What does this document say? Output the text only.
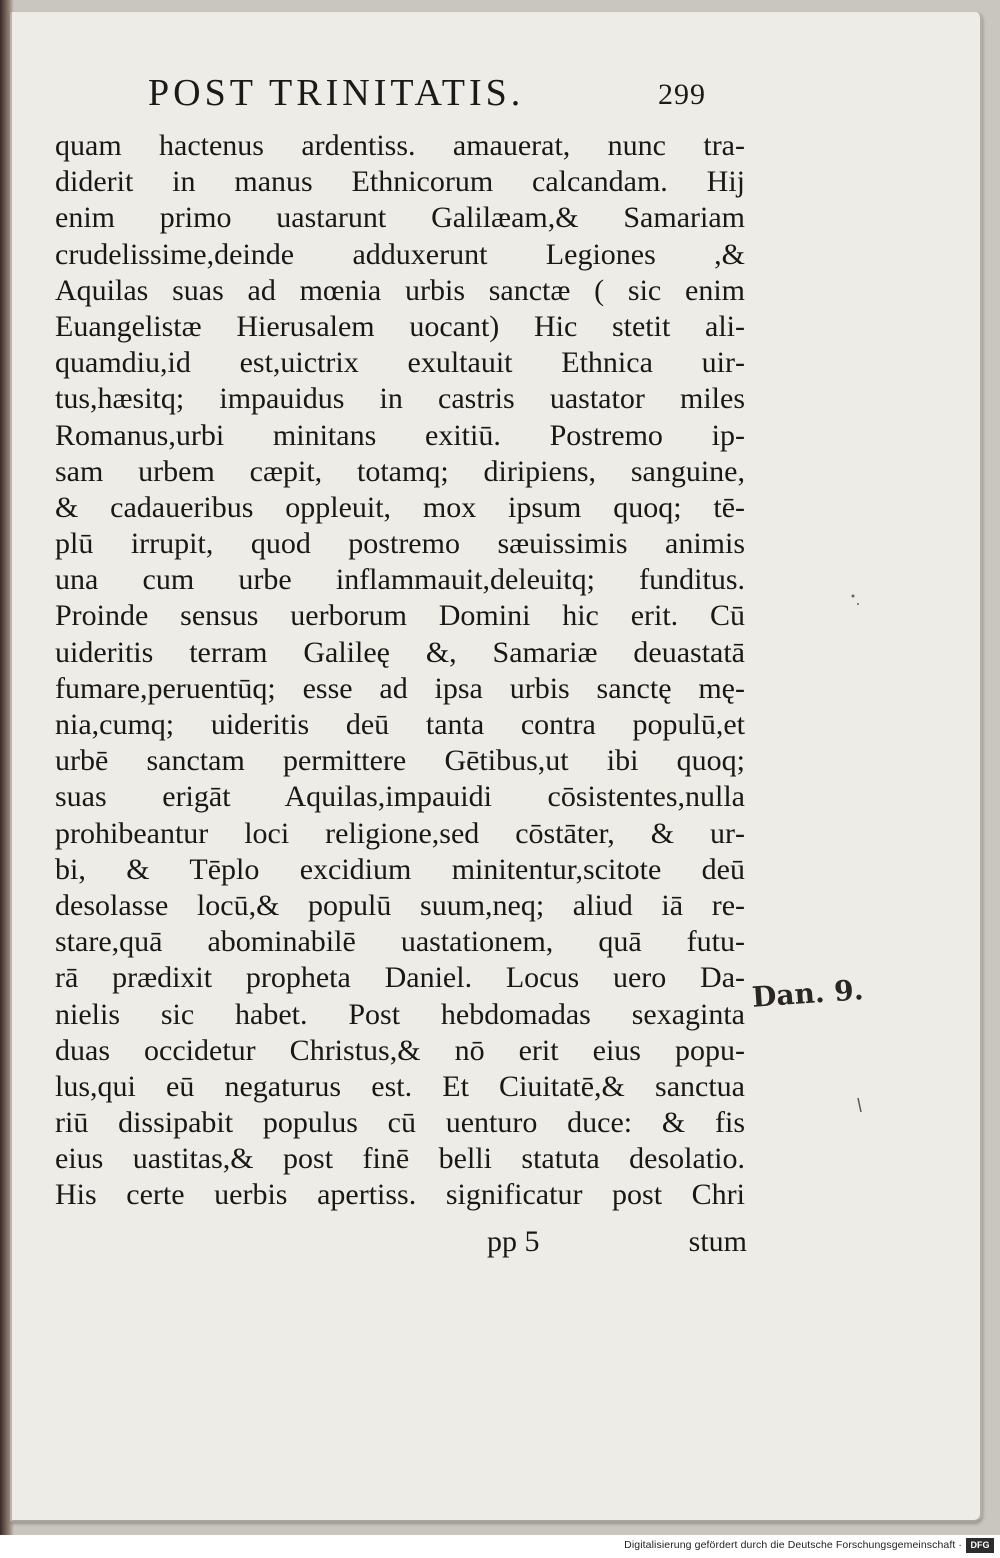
POST TRINITATIS.	299
quam hactenus ardentiss. amauerat, nunc tra‑
diderit in manus Ethnicorum calcandam. Hij
enim primo uastarunt Galilæam,& Samariam
crudelissime,deinde adduxerunt Legiones ,&
Aquilas suas ad mœnia urbis sanctæ ( sic enim
Euangelistæ Hierusalem uocant) Hic stetit ali‑
quamdiu,id est,uictrix exultauit Ethnica uir‑
tus,hæsitq; impauidus in castris uastator miles
Romanus,urbi minitans exitiū. Postremo ip‑
sam urbem cæpit, totamq; diripiens, sanguine,
& cadaueribus oppleuit, mox ipsum quoq; tē‑
plū irrupit, quod postremo sæuissimis animis
una cum urbe inflammauit,deleuitq; funditus.
Proinde sensus uerborum Domini hic erit. Cū
uideritis terram Galileę &, Samariæ deuastatā
fumare,peruentūq; esse ad ipsa urbis sanctę mę‑
nia,cumq; uideritis deū tanta contra populū,et
urbē sanctam permittere Gētibus,ut ibi quoq;
suas erigāt Aquilas,impauidi cōsistentes,nulla
prohibeantur loci religione,sed cōstāter, & ur‑
bi, & Tēplo excidium minitentur,scitote deū
desolasse locū,& populū suum,neq; aliud iā re‑
stare,quā abominabilē uastationem, quā futu‑
rā prædixit propheta Daniel. Locus uero Da‑
nielis sic habet. Post hebdomadas sexaginta
duas occidetur Christus,& nō erit eius popu‑
lus,qui eū negaturus est. Et Ciuitatē,& sanctua
riū dissipabit populus cū uenturo duce: & fis
eius uastitas,& post finē belli statuta desolatio.
His certe uerbis apertiss. significatur post Chri
Dan. 9.
pp 5	stum
Digitalisierung gefördert durch die Deutsche Forschungsgemeinschaft · DFG
